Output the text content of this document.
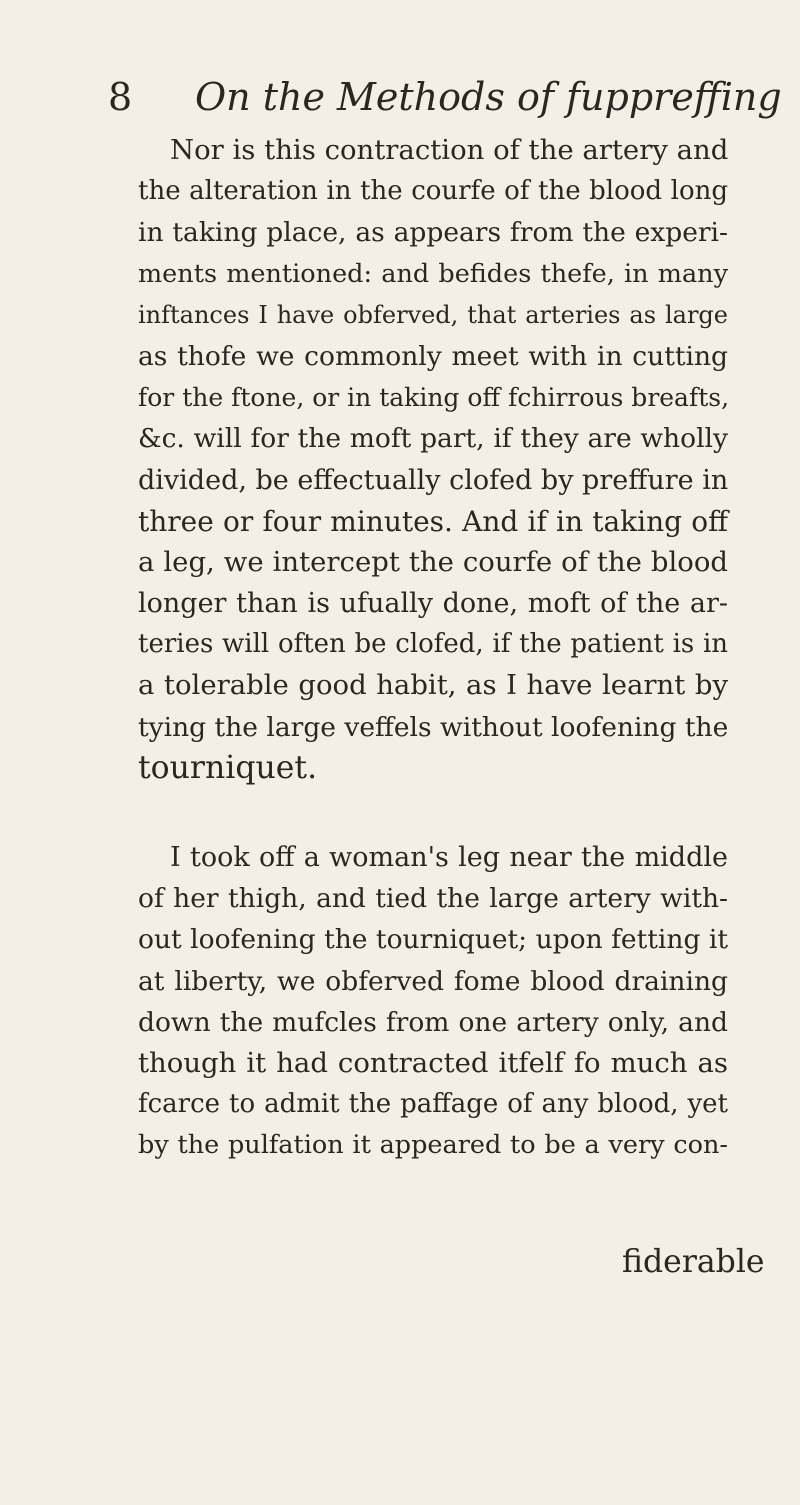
8 On the Methods of fuppreffing

Nor is this contraction of the artery and
the alteration in the courfe of the blood long
in taking place, as appears from the experi-
ments mentioned: and befides thefe, in many
inftances I have obferved, that arteries as large
as thofe we commonly meet with in cutting
for the ftone, or in taking off fchirrous breafts,
&c. will for the moft part, if they are wholly
divided, be effectually clofed by preffure in
three or four minutes. And if in taking off
a leg, we intercept the courfe of the blood
longer than is ufually done, moft of the ar-
teries will often be clofed, if the patient is in
a tolerable good habit, as I have learnt by
tying the large veffels without loofening the
tourniquet.

I took off a woman's leg near the middle
of her thigh, and tied the large artery with-
out loofening the tourniquet; upon fetting it
at liberty, we obferved fome blood draining
down the mufcles from one artery only, and
though it had contracted itfelf fo much as
fcarce to admit the paffage of any blood, yet
by the pulfation it appeared to be a very con-

fiderable
